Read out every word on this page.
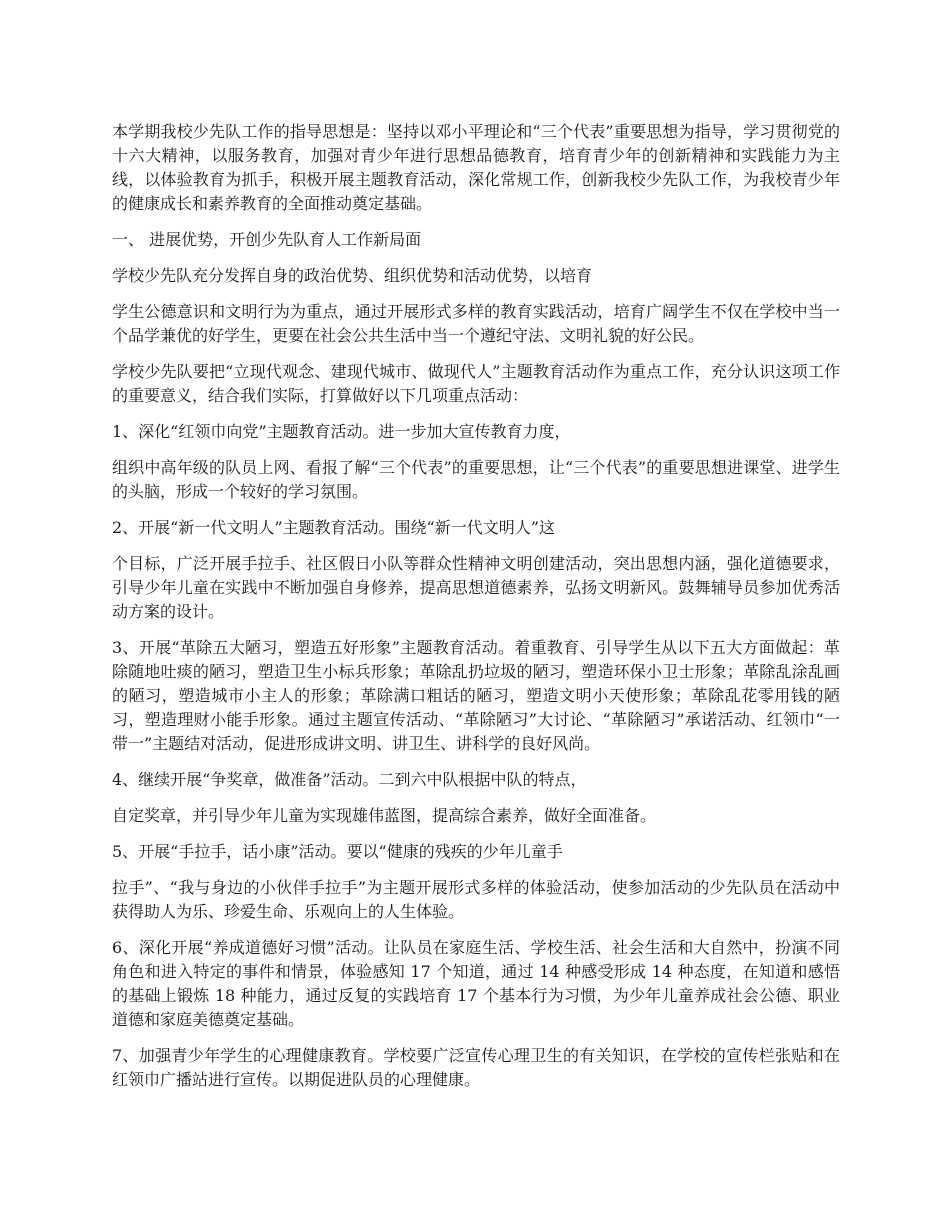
本学期我校少先队工作的指导思想是：坚持以邓小平理论和“三个代表”重要思想为指导，学习贯彻党的十六大精神，以服务教育，加强对青少年进行思想品德教育，培育青少年的创新精神和实践能力为主线，以体验教育为抓手，积极开展主题教育活动，深化常规工作，创新我校少先队工作，为我校青少年的健康成长和素养教育的全面推动奠定基础。

一、 进展优势，开创少先队育人工作新局面

学校少先队充分发挥自身的政治优势、组织优势和活动优势，以培育

学生公德意识和文明行为为重点，通过开展形式多样的教育实践活动，培育广阔学生不仅在学校中当一个品学兼优的好学生，更要在社会公共生活中当一个遵纪守法、文明礼貌的好公民。

学校少先队要把“立现代观念、建现代城市、做现代人”主题教育活动作为重点工作，充分认识这项工作的重要意义，结合我们实际，打算做好以下几项重点活动：

1、深化“红领巾向党”主题教育活动。进一步加大宣传教育力度，

组织中高年级的队员上网、看报了解“三个代表”的重要思想，让“三个代表”的重要思想进课堂、进学生的头脑，形成一个较好的学习氛围。

2、开展“新一代文明人”主题教育活动。围绕“新一代文明人”这

个目标，广泛开展手拉手、社区假日小队等群众性精神文明创建活动，突出思想内涵，强化道德要求，引导少年儿童在实践中不断加强自身修养，提高思想道德素养，弘扬文明新风。鼓舞辅导员参加优秀活动方案的设计。

3、开展“革除五大陋习，塑造五好形象”主题教育活动。着重教育、引导学生从以下五大方面做起：革除随地吐痰的陋习，塑造卫生小标兵形象；革除乱扔垃圾的陋习，塑造环保小卫士形象；革除乱涂乱画的陋习，塑造城市小主人的形象；革除满口粗话的陋习，塑造文明小天使形象；革除乱花零用钱的陋习，塑造理财小能手形象。通过主题宣传活动、“革除陋习”大讨论、“革除陋习”承诺活动、红领巾“一带一”主题结对活动，促进形成讲文明、讲卫生、讲科学的良好风尚。

4、继续开展“争奖章，做准备”活动。二到六中队根据中队的特点，

自定奖章，并引导少年儿童为实现雄伟蓝图，提高综合素养，做好全面准备。

5、开展“手拉手，话小康”活动。要以“健康的残疾的少年儿童手

拉手”、“我与身边的小伙伴手拉手”为主题开展形式多样的体验活动，使参加活动的少先队员在活动中获得助人为乐、珍爱生命、乐观向上的人生体验。

6、深化开展“养成道德好习惯”活动。让队员在家庭生活、学校生活、社会生活和大自然中，扮演不同角色和进入特定的事件和情景，体验感知 17 个知道，通过 14 种感受形成 14 种态度，在知道和感悟的基础上锻炼 18 种能力，通过反复的实践培育 17 个基本行为习惯，为少年儿童养成社会公德、职业道德和家庭美德奠定基础。

7、加强青少年学生的心理健康教育。学校要广泛宣传心理卫生的有关知识，在学校的宣传栏张贴和在红领巾广播站进行宣传。以期促进队员的心理健康。
